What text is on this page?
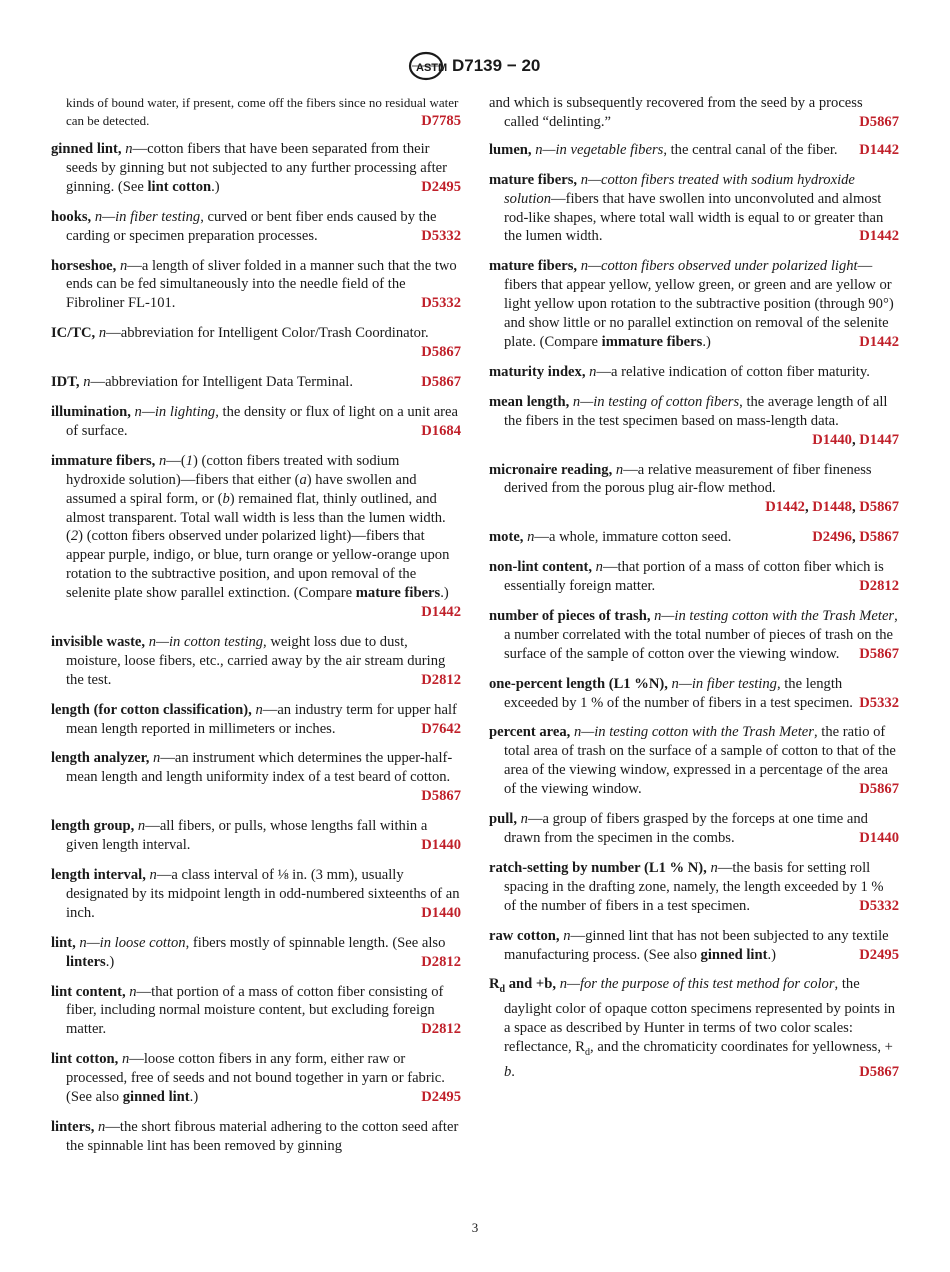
ASTM D7139 − 20
kinds of bound water, if present, come off the fibers since no residual water can be detected.	D7785
ginned lint, n—cotton fibers that have been separated from their seeds by ginning but not subjected to any further processing after ginning. (See lint cotton.)	D2495
hooks, n—in fiber testing, curved or bent fiber ends caused by the carding or specimen preparation processes.	D5332
horseshoe, n—a length of sliver folded in a manner such that the two ends can be fed simultaneously into the needle field of the Fibroliner FL-101.	D5332
IC/TC, n—abbreviation for Intelligent Color/Trash Coordinator.
D5867
IDT, n—abbreviation for Intelligent Data Terminal.	D5867
illumination, n—in lighting, the density or flux of light on a unit area of surface.	D1684
immature fibers, n—(1) (cotton fibers treated with sodium hydroxide solution)—fibers that either (a) have swollen and assumed a spiral form, or (b) remained flat, thinly outlined, and almost transparent. Total wall width is less than the lumen width.
(2) (cotton fibers observed under polarized light)—fibers that appear purple, indigo, or blue, turn orange or yellow-orange upon rotation to the subtractive position, and upon removal of the selenite plate show parallel extinction. (Compare mature fibers.)
D1442
invisible waste, n—in cotton testing, weight loss due to dust, moisture, loose fibers, etc., carried away by the air stream during the test.	D2812
length (for cotton classification), n—an industry term for upper half mean length reported in millimeters or inches.	D7642
length analyzer, n—an instrument which determines the upper-half-mean length and length uniformity index of a test beard of cotton.
D5867
length group, n—all fibers, or pulls, whose lengths fall within a given length interval.	D1440
length interval, n—a class interval of ⅛ in. (3 mm), usually designated by its midpoint length in odd-numbered sixteenths of an inch.	D1440
lint, n—in loose cotton, fibers mostly of spinnable length. (See also linters.)	D2812
lint content, n—that portion of a mass of cotton fiber consisting of fiber, including normal moisture content, but excluding foreign matter.	D2812
lint cotton, n—loose cotton fibers in any form, either raw or processed, free of seeds and not bound together in yarn or fabric. (See also ginned lint.)	D2495
linters, n—the short fibrous material adhering to the cotton seed after the spinnable lint has been removed by ginning
and which is subsequently recovered from the seed by a process called “delinting.”	D5867
lumen, n—in vegetable fibers, the central canal of the fiber. D1442
mature fibers, n—cotton fibers treated with sodium hydroxide solution—fibers that have swollen into unconvoluted and almost rod-like shapes, where total wall width is equal to or greater than the lumen width.	D1442
mature fibers, n—cotton fibers observed under polarized light—fibers that appear yellow, yellow green, or green and are yellow or light yellow upon rotation to the subtractive position (through 90°) and show little or no parallel extinction on removal of the selenite plate. (Compare immature fibers.)	D1442
maturity index, n—a relative indication of cotton fiber maturity.
mean length, n—in testing of cotton fibers, the average length of all the fibers in the test specimen based on mass-length data.
D1440, D1447
micronaire reading, n—a relative measurement of fiber fineness derived from the porous plug air-flow method.
D1442, D1448, D5867
mote, n—a whole, immature cotton seed.	D2496, D5867
non-lint content, n—that portion of a mass of cotton fiber which is essentially foreign matter.	D2812
number of pieces of trash, n—in testing cotton with the Trash Meter, a number correlated with the total number of pieces of trash on the surface of the sample of cotton over the viewing window. D5867
one-percent length (L1 %N), n—in fiber testing, the length exceeded by 1 % of the number of fibers in a test specimen. D5332
percent area, n—in testing cotton with the Trash Meter, the ratio of total area of trash on the surface of a sample of cotton to that of the area of the viewing window, expressed in a percentage of the area of the viewing window.	D5867
pull, n—a group of fibers grasped by the forceps at one time and drawn from the specimen in the combs.	D1440
ratch-setting by number (L1 % N), n—the basis for setting roll spacing in the drafting zone, namely, the length exceeded by 1 % of the number of fibers in a test specimen.	D5332
raw cotton, n—ginned lint that has not been subjected to any textile manufacturing process. (See also ginned lint.)	D2495
$R_d$ and +b, n—for the purpose of this test method for color, the daylight color of opaque cotton specimens represented by points in a space as described by Hunter in terms of two color scales: reflectance, $R_d$, and the chromaticity coordinates for yellowness, + b.	D5867
3
